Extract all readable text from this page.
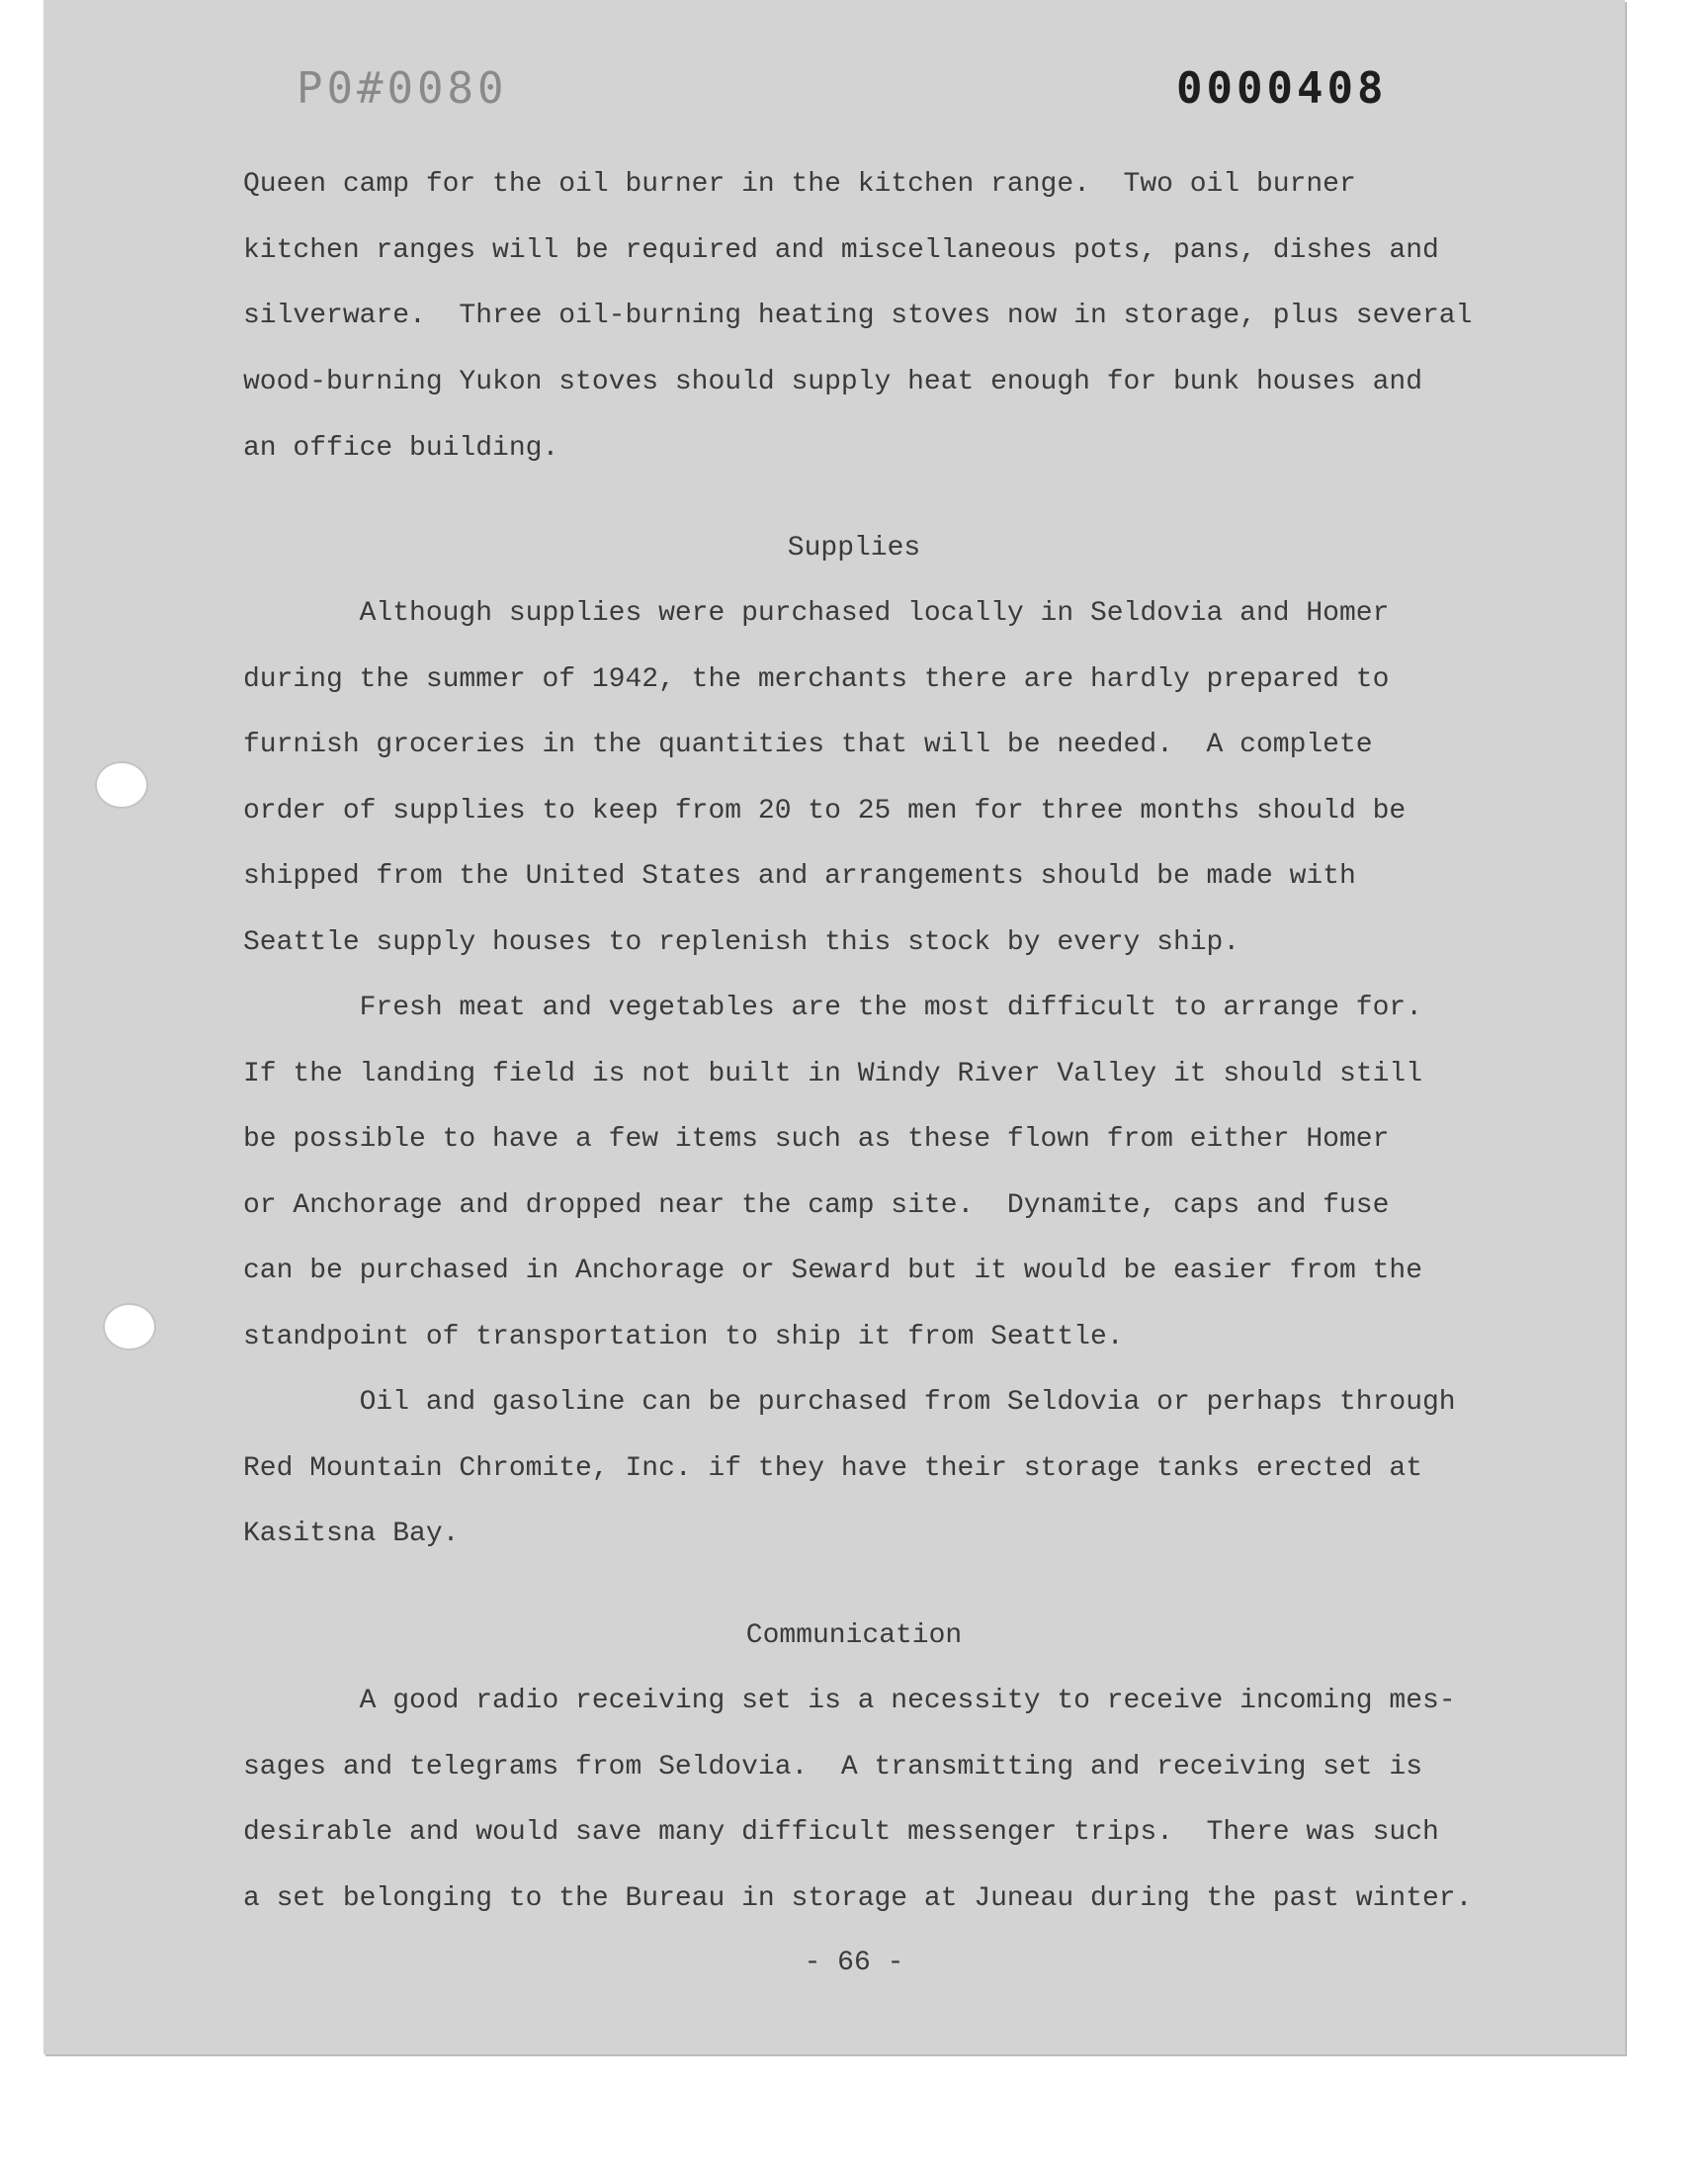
P0#0080	0000408
Queen camp for the oil burner in the kitchen range.  Two oil burner
kitchen ranges will be required and miscellaneous pots, pans, dishes and
silverware.  Three oil-burning heating stoves now in storage, plus several
wood-burning Yukon stoves should supply heat enough for bunk houses and
an office building.
Supplies
Although supplies were purchased locally in Seldovia and Homer
during the summer of 1942, the merchants there are hardly prepared to
furnish groceries in the quantities that will be needed.  A complete
order of supplies to keep from 20 to 25 men for three months should be
shipped from the United States and arrangements should be made with
Seattle supply houses to replenish this stock by every ship.
Fresh meat and vegetables are the most difficult to arrange for.
If the landing field is not built in Windy River Valley it should still
be possible to have a few items such as these flown from either Homer
or Anchorage and dropped near the camp site.  Dynamite, caps and fuse
can be purchased in Anchorage or Seward but it would be easier from the
standpoint of transportation to ship it from Seattle.
Oil and gasoline can be purchased from Seldovia or perhaps through
Red Mountain Chromite, Inc. if they have their storage tanks erected at
Kasitsna Bay.
Communication
A good radio receiving set is a necessity to receive incoming mes-
sages and telegrams from Seldovia.  A transmitting and receiving set is
desirable and would save many difficult messenger trips.  There was such
a set belonging to the Bureau in storage at Juneau during the past winter.
- 66 -
